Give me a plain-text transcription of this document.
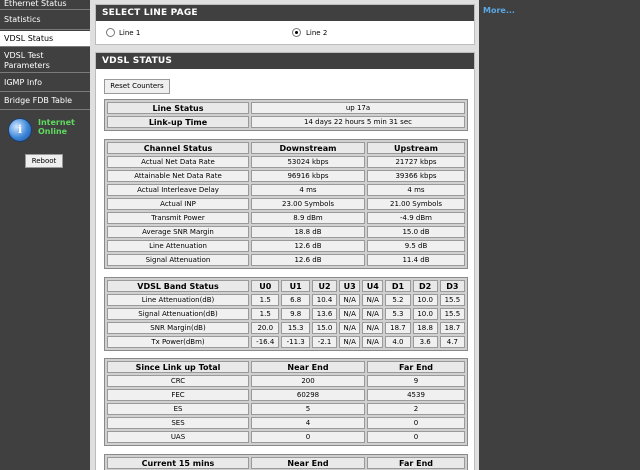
Ethernet Status
Statistics
VDSL Status
VDSL Test
Parameters
IGMP Info
Bridge FDB Table
i
Internet
Online
Reboot
More...
SELECT LINE PAGE
Line 1	Line 2
VDSL STATUS
Reset Counters
Line Status	up 17a
Link-up Time	14 days 22 hours 5 min 31 sec
Channel Status	Downstream	Upstream
Actual Net Data Rate	53024 kbps	21727 kbps
Attainable Net Data Rate	96916 kbps	39366 kbps
Actual Interleave Delay	4 ms	4 ms
Actual INP	23.00 Symbols	21.00 Symbols
Transmit Power	8.9 dBm	-4.9 dBm
Average SNR Margin	18.8 dB	15.0 dB
Line Attenuation	12.6 dB	9.5 dB
Signal Attenuation	12.6 dB	11.4 dB
VDSL Band Status	U0	U1	U2	U3	U4	D1	D2	D3
Line Attenuation(dB)	1.5	6.8	10.4	N/A	N/A	5.2	10.0	15.5
Signal Attenuation(dB)	1.5	9.8	13.6	N/A	N/A	5.3	10.0	15.5
SNR Margin(dB)	20.0	15.3	15.0	N/A	N/A	18.7	18.8	18.7
Tx Power(dBm)	-16.4	-11.3	-2.1	N/A	N/A	4.0	3.6	4.7
Since Link up Total	Near End	Far End
CRC	200	9
FEC	60298	4539
ES	5	2
SES	4	0
UAS	0	0
Current 15 mins	Near End	Far End
